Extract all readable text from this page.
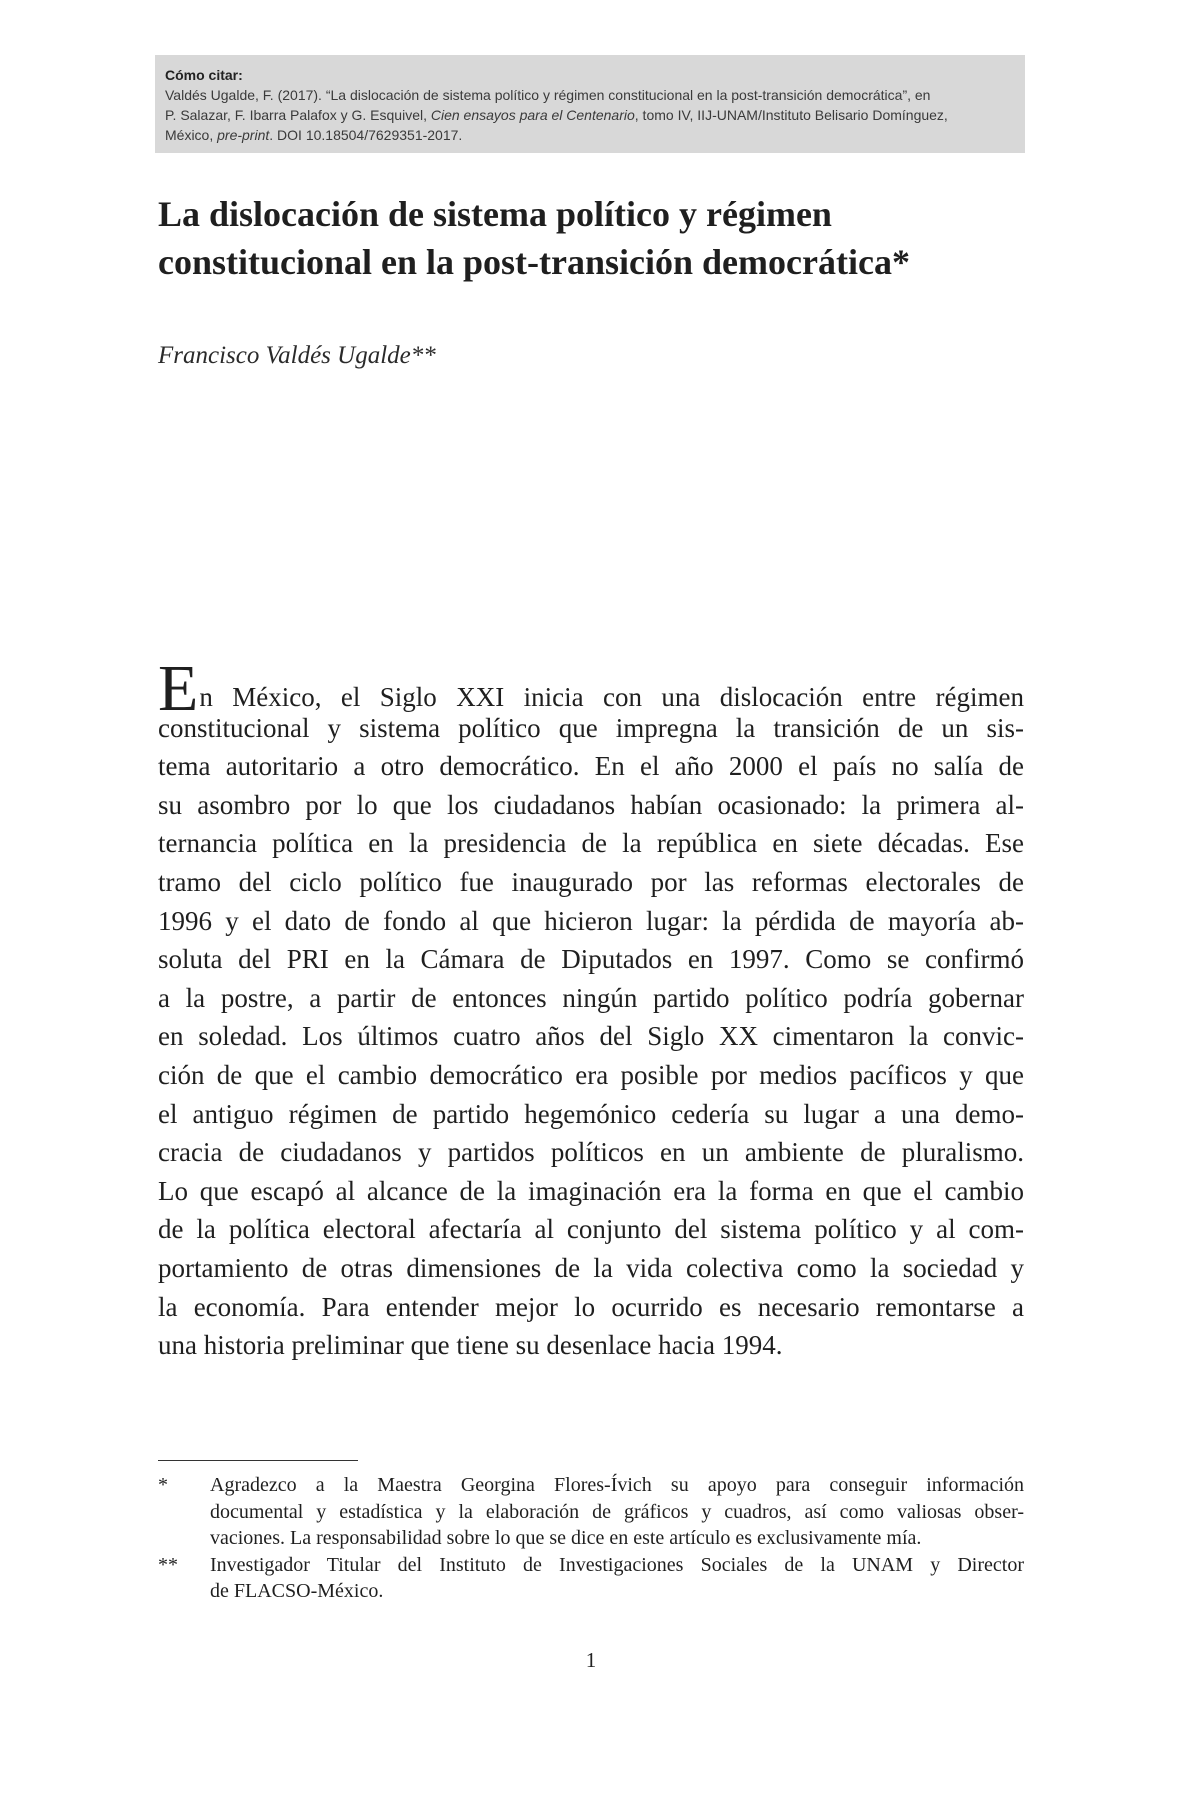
Cómo citar:
Valdés Ugalde, F. (2017). “La dislocación de sistema político y régimen constitucional en la post-transición democrática”, en
P. Salazar, F. Ibarra Palafox y G. Esquivel, Cien ensayos para el Centenario, tomo IV, IIJ-UNAM/Instituto Belisario Domínguez,
México, pre-print. DOI 10.18504/7629351-2017.
La dislocación de sistema político y régimen
constitucional en la post-transición democrática*

Francisco Valdés Ugalde**

En México, el Siglo XXI inicia con una dislocación entre régimen
constitucional y sistema político que impregna la transición de un sis-
tema autoritario a otro democrático. En el año 2000 el país no salía de
su asombro por lo que los ciudadanos habían ocasionado: la primera al-
ternancia política en la presidencia de la república en siete décadas. Ese
tramo del ciclo político fue inaugurado por las reformas electorales de
1996 y el dato de fondo al que hicieron lugar: la pérdida de mayoría ab-
soluta del PRI en la Cámara de Diputados en 1997. Como se confirmó
a la postre, a partir de entonces ningún partido político podría gobernar
en soledad. Los últimos cuatro años del Siglo XX cimentaron la convic-
ción de que el cambio democrático era posible por medios pacíficos y que
el antiguo régimen de partido hegemónico cedería su lugar a una demo-
cracia de ciudadanos y partidos políticos en un ambiente de pluralismo.
Lo que escapó al alcance de la imaginación era la forma en que el cambio
de la política electoral afectaría al conjunto del sistema político y al com-
portamiento de otras dimensiones de la vida colectiva como la sociedad y
la economía. Para entender mejor lo ocurrido es necesario remontarse a
una historia preliminar que tiene su desenlace hacia 1994.
*	Agradezco a la Maestra Georgina Flores-Ívich su apoyo para conseguir información
documental y estadística y la elaboración de gráficos y cuadros, así como valiosas obser-
vaciones. La responsabilidad sobre lo que se dice en este artículo es exclusivamente mía.
**	Investigador Titular del Instituto de Investigaciones Sociales de la UNAM y Director
de FLACSO-México.
1
